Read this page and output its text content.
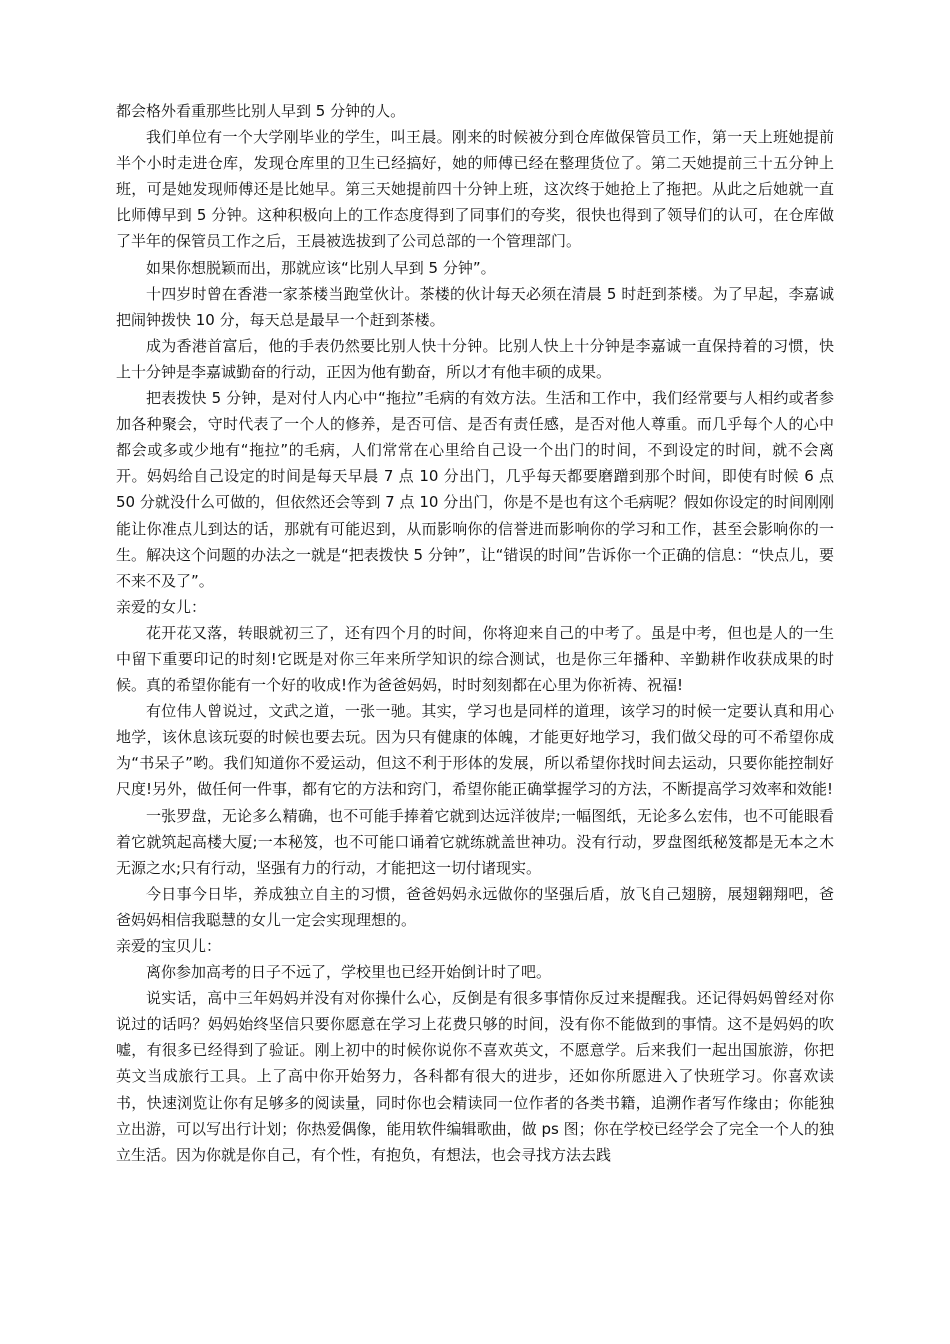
都会格外看重那些比别人早到 5 分钟的人。

我们单位有一个大学刚毕业的学生，叫王晨。刚来的时候被分到仓库做保管员工作，第一天上班她提前半个小时走进仓库，发现仓库里的卫生已经搞好，她的师傅已经在整理货位了。第二天她提前三十五分钟上班，可是她发现师傅还是比她早。第三天她提前四十分钟上班，这次终于她抢上了拖把。从此之后她就一直比师傅早到 5 分钟。这种积极向上的工作态度得到了同事们的夸奖，很快也得到了领导们的认可，在仓库做了半年的保管员工作之后，王晨被选拔到了公司总部的一个管理部门。

如果你想脱颖而出，那就应该“比别人早到 5 分钟”。

十四岁时曾在香港一家茶楼当跑堂伙计。茶楼的伙计每天必须在清晨 5 时赶到茶楼。为了早起，李嘉诚把闹钟拨快 10 分，每天总是最早一个赶到茶楼。

成为香港首富后，他的手表仍然要比别人快十分钟。比别人快上十分钟是李嘉诚一直保持着的习惯，快上十分钟是李嘉诚勤奋的行动，正因为他有勤奋，所以才有他丰硕的成果。

把表拨快 5 分钟，是对付人内心中“拖拉”毛病的有效方法。生活和工作中，我们经常要与人相约或者参加各种聚会，守时代表了一个人的修养，是否可信、是否有责任感，是否对他人尊重。而几乎每个人的心中都会或多或少地有“拖拉”的毛病，人们常常在心里给自己设一个出门的时间，不到设定的时间，就不会离开。妈妈给自己设定的时间是每天早晨 7 点 10 分出门，几乎每天都要磨蹭到那个时间，即使有时候 6 点 50 分就没什么可做的，但依然还会等到 7 点 10 分出门，你是不是也有这个毛病呢？假如你设定的时间刚刚能让你准点儿到达的话，那就有可能迟到，从而影响你的信誉进而影响你的学习和工作，甚至会影响你的一生。解决这个问题的办法之一就是“把表拨快 5 分钟”，让“错误的时间”告诉你一个正确的信息：“快点儿，要不来不及了”。

亲爱的女儿：

花开花又落，转眼就初三了，还有四个月的时间，你将迎来自己的中考了。虽是中考，但也是人的一生中留下重要印记的时刻!它既是对你三年来所学知识的综合测试，也是你三年播种、辛勤耕作收获成果的时候。真的希望你能有一个好的收成!作为爸爸妈妈，时时刻刻都在心里为你祈祷、祝福!

有位伟人曾说过，文武之道，一张一驰。其实，学习也是同样的道理，该学习的时候一定要认真和用心地学，该休息该玩耍的时候也要去玩。因为只有健康的体魄，才能更好地学习，我们做父母的可不希望你成为“书呆子”哟。我们知道你不爱运动，但这不利于形体的发展，所以希望你找时间去运动，只要你能控制好尺度!另外，做任何一件事，都有它的方法和窍门，希望你能正确掌握学习的方法，不断提高学习效率和效能!

一张罗盘，无论多么精确，也不可能手捧着它就到达远洋彼岸;一幅图纸，无论多么宏伟，也不可能眼看着它就筑起高楼大厦;一本秘笈，也不可能口诵着它就练就盖世神功。没有行动，罗盘图纸秘笈都是无本之木无源之水;只有行动，坚强有力的行动，才能把这一切付诸现实。

今日事今日毕，养成独立自主的习惯，爸爸妈妈永远做你的坚强后盾，放飞自己翅膀，展翅翱翔吧，爸爸妈妈相信我聪慧的女儿一定会实现理想的。

亲爱的宝贝儿：

离你参加高考的日子不远了，学校里也已经开始倒计时了吧。

说实话，高中三年妈妈并没有对你操什么心，反倒是有很多事情你反过来提醒我。还记得妈妈曾经对你说过的话吗？妈妈始终坚信只要你愿意在学习上花费只够的时间，没有你不能做到的事情。这不是妈妈的吹嘘，有很多已经得到了验证。刚上初中的时候你说你不喜欢英文，不愿意学。后来我们一起出国旅游，你把英文当成旅行工具。上了高中你开始努力，各科都有很大的进步，还如你所愿进入了快班学习。你喜欢读书，快速浏览让你有足够多的阅读量，同时你也会精读同一位作者的各类书籍，追溯作者写作缘由；你能独立出游，可以写出行计划；你热爱偶像，能用软件编辑歌曲，做 ps 图；你在学校已经学会了完全一个人的独立生活。因为你就是你自己，有个性，有抱负，有想法，也会寻找方法去践
